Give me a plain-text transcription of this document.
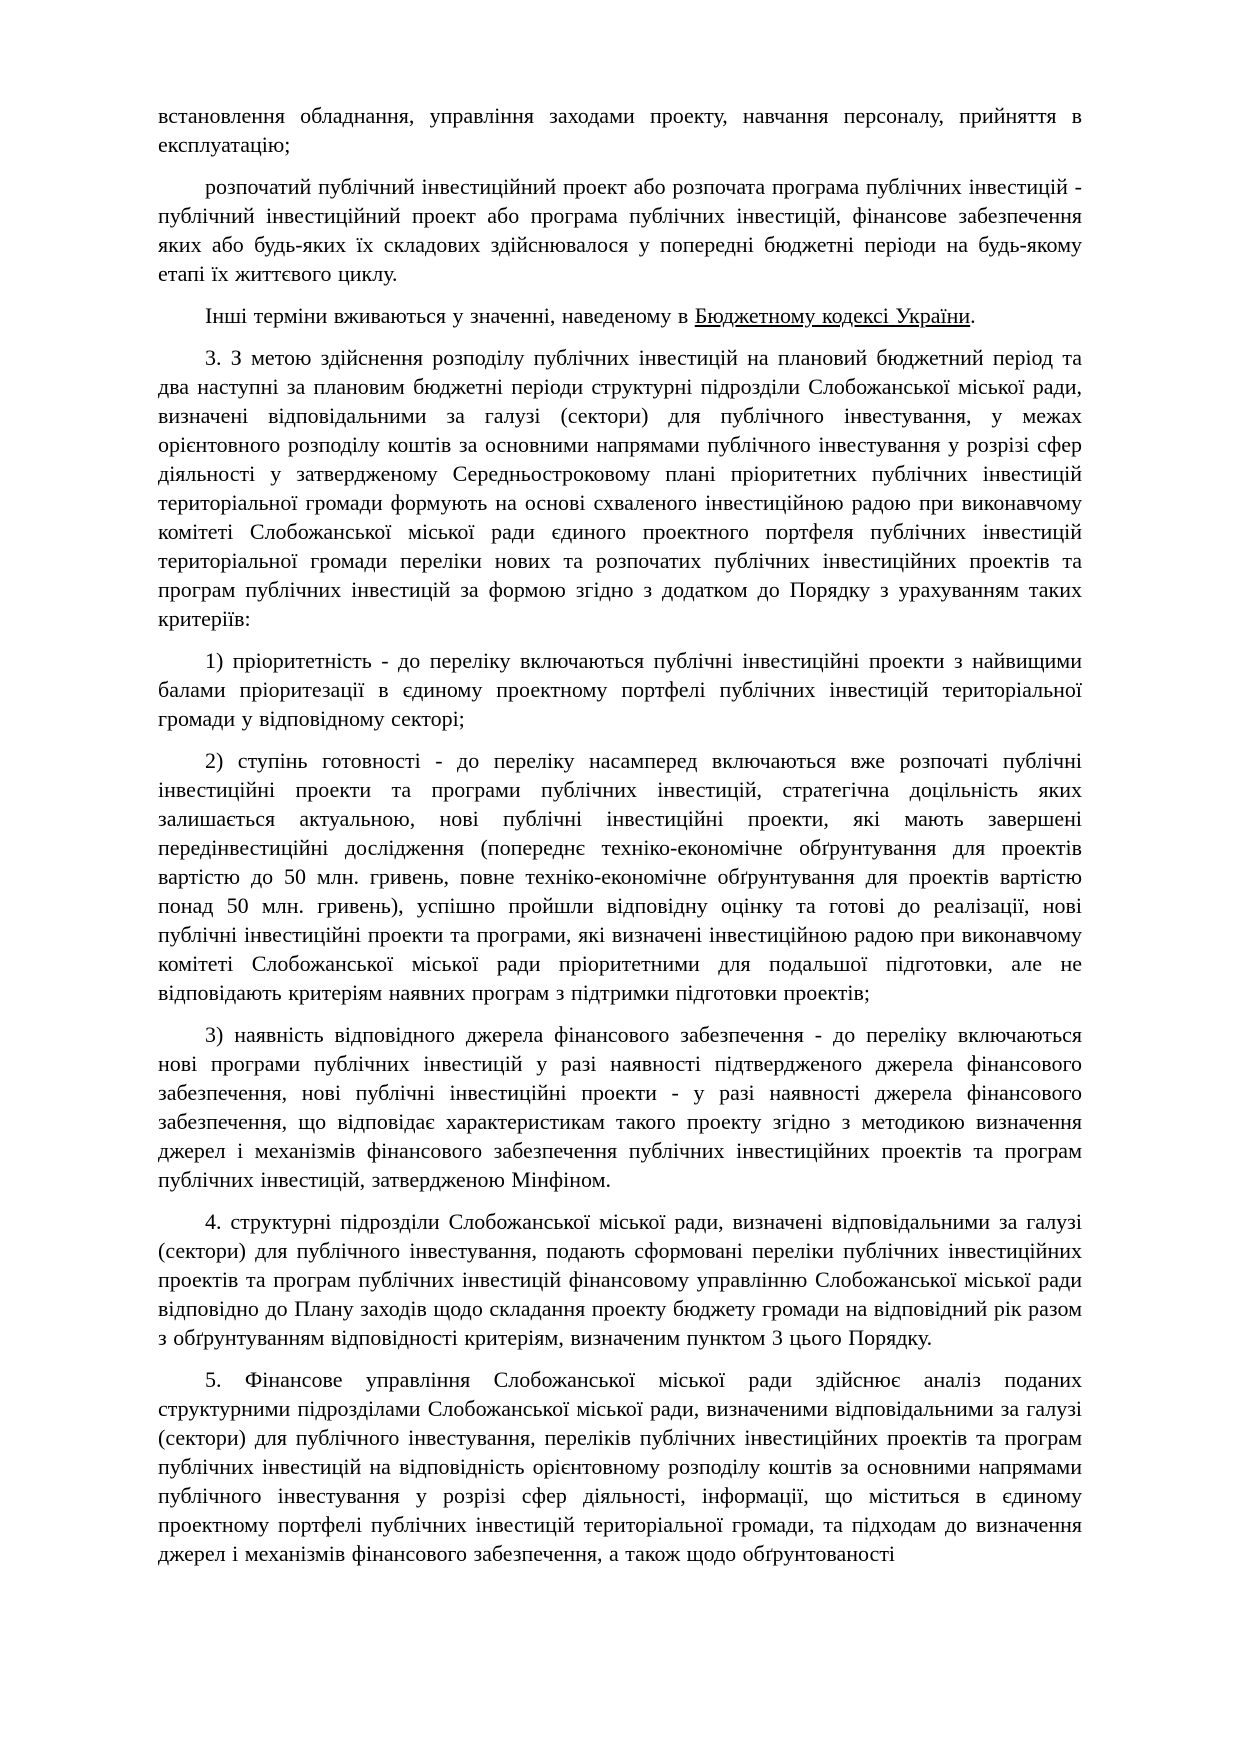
встановлення обладнання, управління заходами проекту, навчання персоналу, прийняття в експлуатацію;

розпочатий публічний інвестиційний проект або розпочата програма публічних інвестицій - публічний інвестиційний проект або програма публічних інвестицій, фінансове забезпечення яких або будь-яких їх складових здійснювалося у попередні бюджетні періоди на будь-якому етапі їх життєвого циклу.

Інші терміни вживаються у значенні, наведеному в Бюджетному кодексі України.

3. З метою здійснення розподілу публічних інвестицій на плановий бюджетний період та два наступні за плановим бюджетні періоди структурні підрозділи Слобожанської міської ради, визначені відповідальними за галузі (сектори) для публічного інвестування, у межах орієнтовного розподілу коштів за основними напрямами публічного інвестування у розрізі сфер діяльності у затвердженому Середньостроковому плані пріоритетних публічних інвестицій територіальної громади формують на основі схваленого інвестиційною радою при виконавчому комітеті Слобожанської міської ради єдиного проектного портфеля публічних інвестицій територіальної громади переліки нових та розпочатих публічних інвестиційних проектів та програм публічних інвестицій за формою згідно з додатком до Порядку з урахуванням таких критеріїв:

1) пріоритетність - до переліку включаються публічні інвестиційні проекти з найвищими балами пріоритезації в єдиному проектному портфелі публічних інвестицій територіальної громади у відповідному секторі;

2) ступінь готовності - до переліку насамперед включаються вже розпочаті публічні інвестиційні проекти та програми публічних інвестицій, стратегічна доцільність яких залишається актуальною, нові публічні інвестиційні проекти, які мають завершені передінвестиційні дослідження (попереднє техніко-економічне обґрунтування для проектів вартістю до 50 млн. гривень, повне техніко-економічне обґрунтування для проектів вартістю понад 50 млн. гривень), успішно пройшли відповідну оцінку та готові до реалізації, нові публічні інвестиційні проекти та програми, які визначені інвестиційною радою при виконавчому комітеті Слобожанської міської ради пріоритетними для подальшої підготовки, але не відповідають критеріям наявних програм з підтримки підготовки проектів;

3) наявність відповідного джерела фінансового забезпечення - до переліку включаються нові програми публічних інвестицій у разі наявності підтвердженого джерела фінансового забезпечення, нові публічні інвестиційні проекти - у разі наявності джерела фінансового забезпечення, що відповідає характеристикам такого проекту згідно з методикою визначення джерел і механізмів фінансового забезпечення публічних інвестиційних проектів та програм публічних інвестицій, затвердженою Мінфіном.

4. структурні підрозділи Слобожанської міської ради, визначені відповідальними за галузі (сектори) для публічного інвестування, подають сформовані переліки публічних інвестиційних проектів та програм публічних інвестицій фінансовому управлінню Слобожанської міської ради відповідно до Плану заходів щодо складання проекту бюджету громади на відповідний рік разом з обґрунтуванням відповідності критеріям, визначеним пунктом 3 цього Порядку.

5. Фінансове управління Слобожанської міської ради здійснює аналіз поданих структурними підрозділами Слобожанської міської ради, визначеними відповідальними за галузі (сектори) для публічного інвестування, переліків публічних інвестиційних проектів та програм публічних інвестицій на відповідність орієнтовному розподілу коштів за основними напрямами публічного інвестування у розрізі сфер діяльності, інформації, що міститься в єдиному проектному портфелі публічних інвестицій територіальної громади, та підходам до визначення джерел і механізмів фінансового забезпечення, а також щодо обґрунтованості
